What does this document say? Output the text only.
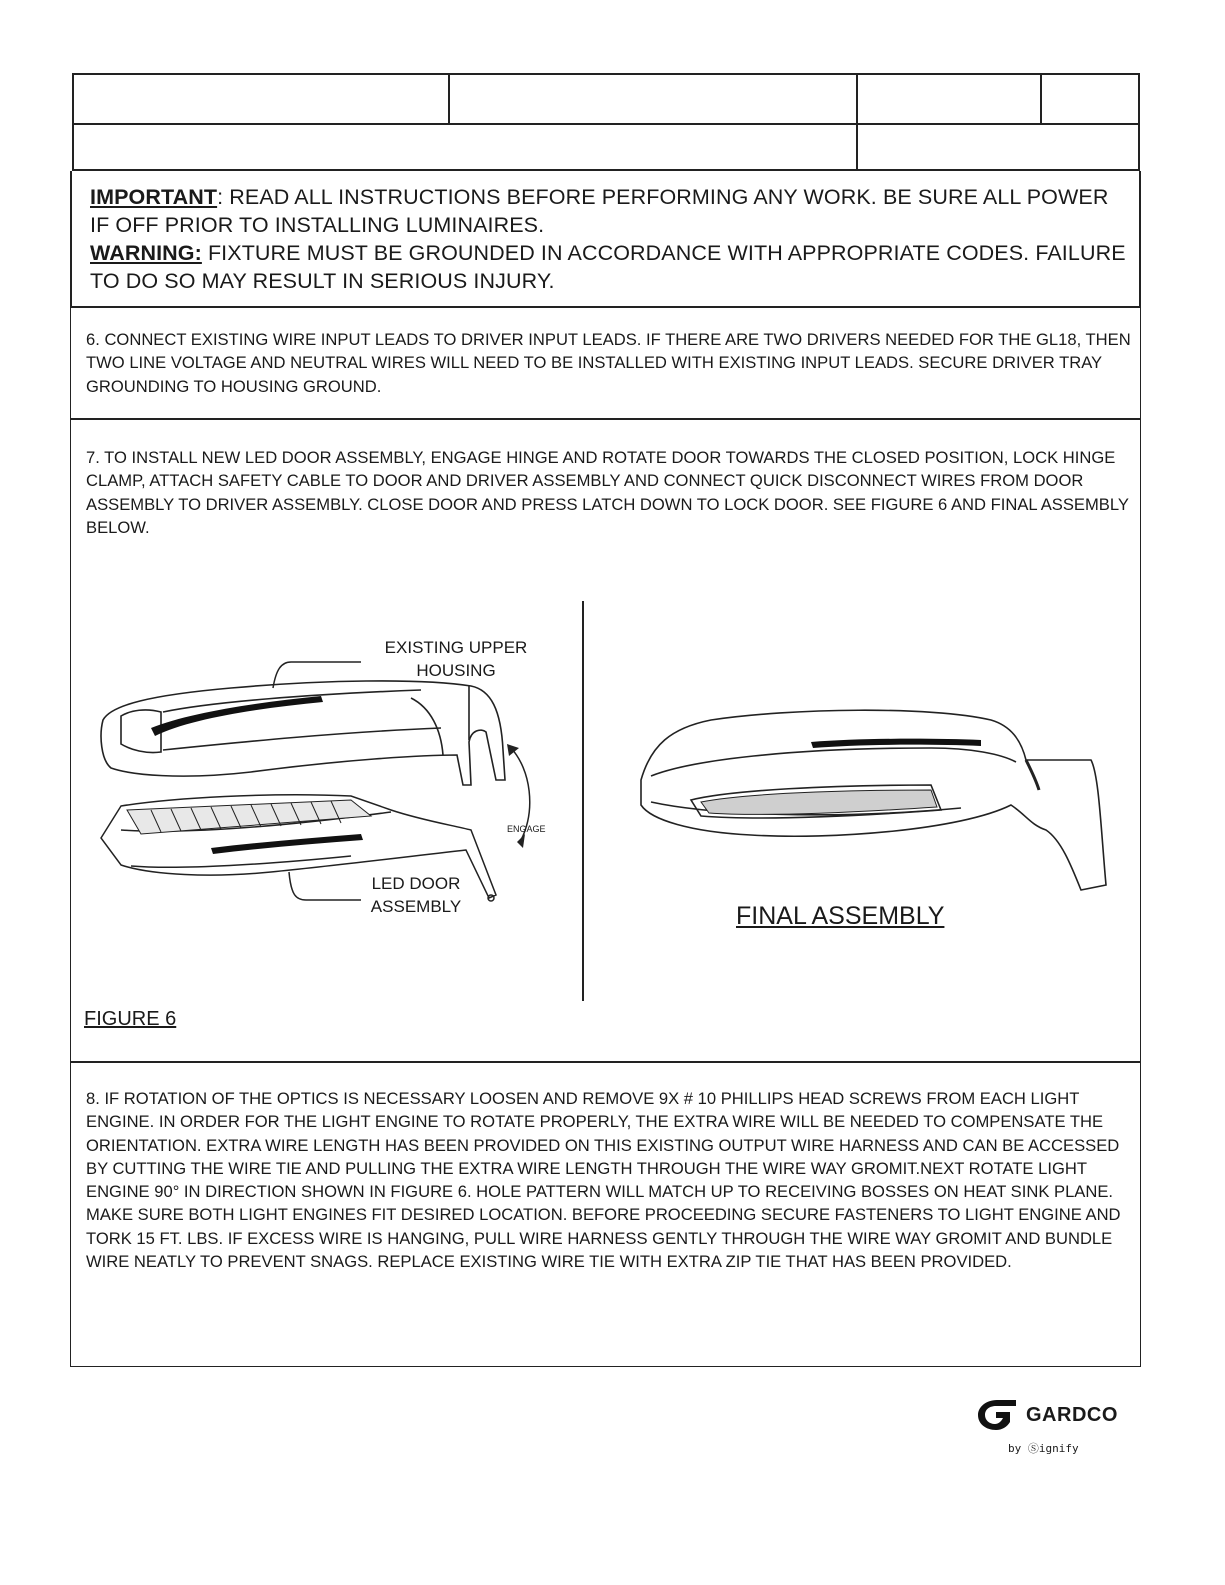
IMPORTANT: READ ALL INSTRUCTIONS BEFORE PERFORMING ANY WORK. BE SURE ALL POWER IF OFF PRIOR TO INSTALLING LUMINAIRES.
WARNING: FIXTURE MUST BE GROUNDED IN ACCORDANCE WITH APPROPRIATE CODES. FAILURE TO DO SO MAY RESULT IN SERIOUS INJURY.
6. CONNECT EXISTING WIRE INPUT LEADS TO DRIVER INPUT LEADS. IF THERE ARE TWO DRIVERS NEEDED FOR THE GL18, THEN TWO LINE VOLTAGE AND NEUTRAL WIRES WILL NEED TO BE INSTALLED WITH EXISTING INPUT LEADS. SECURE DRIVER TRAY GROUNDING TO HOUSING GROUND.
7. TO INSTALL NEW LED DOOR ASSEMBLY, ENGAGE HINGE AND ROTATE DOOR TOWARDS THE CLOSED POSITION, LOCK HINGE CLAMP, ATTACH SAFETY CABLE TO DOOR AND DRIVER ASSEMBLY AND CONNECT QUICK DISCONNECT WIRES FROM DOOR ASSEMBLY TO DRIVER ASSEMBLY. CLOSE DOOR AND PRESS LATCH DOWN TO LOCK DOOR. SEE FIGURE 6 AND FINAL ASSEMBLY BELOW.
EXISTING UPPER
HOUSING
ENGAGE
LED DOOR
ASSEMBLY	FINAL ASSEMBLY
FIGURE 6
8. IF ROTATION OF THE OPTICS IS NECESSARY LOOSEN AND REMOVE 9X # 10 PHILLIPS HEAD SCREWS FROM EACH LIGHT ENGINE. IN ORDER FOR THE LIGHT ENGINE TO ROTATE PROPERLY, THE EXTRA WIRE WILL BE NEEDED TO COMPENSATE THE ORIENTATION. EXTRA WIRE LENGTH HAS BEEN PROVIDED ON THIS EXISTING OUTPUT WIRE HARNESS AND CAN BE ACCESSED BY CUTTING THE WIRE TIE AND PULLING THE EXTRA WIRE LENGTH THROUGH THE WIRE WAY GROMIT.NEXT ROTATE LIGHT ENGINE 90° IN DIRECTION SHOWN IN FIGURE 6. HOLE PATTERN WILL MATCH UP TO RECEIVING BOSSES ON HEAT SINK PLANE. MAKE SURE BOTH LIGHT ENGINES FIT DESIRED LOCATION. BEFORE PROCEEDING SECURE FASTENERS TO LIGHT ENGINE AND TORK 15 FT. LBS. IF EXCESS WIRE IS HANGING, PULL WIRE HARNESS GENTLY THROUGH THE WIRE WAY GROMIT AND BUNDLE WIRE NEATLY TO PREVENT SNAGS. REPLACE EXISTING WIRE TIE WITH EXTRA ZIP TIE THAT HAS BEEN PROVIDED.
GARDCO
by Ⓢignify
